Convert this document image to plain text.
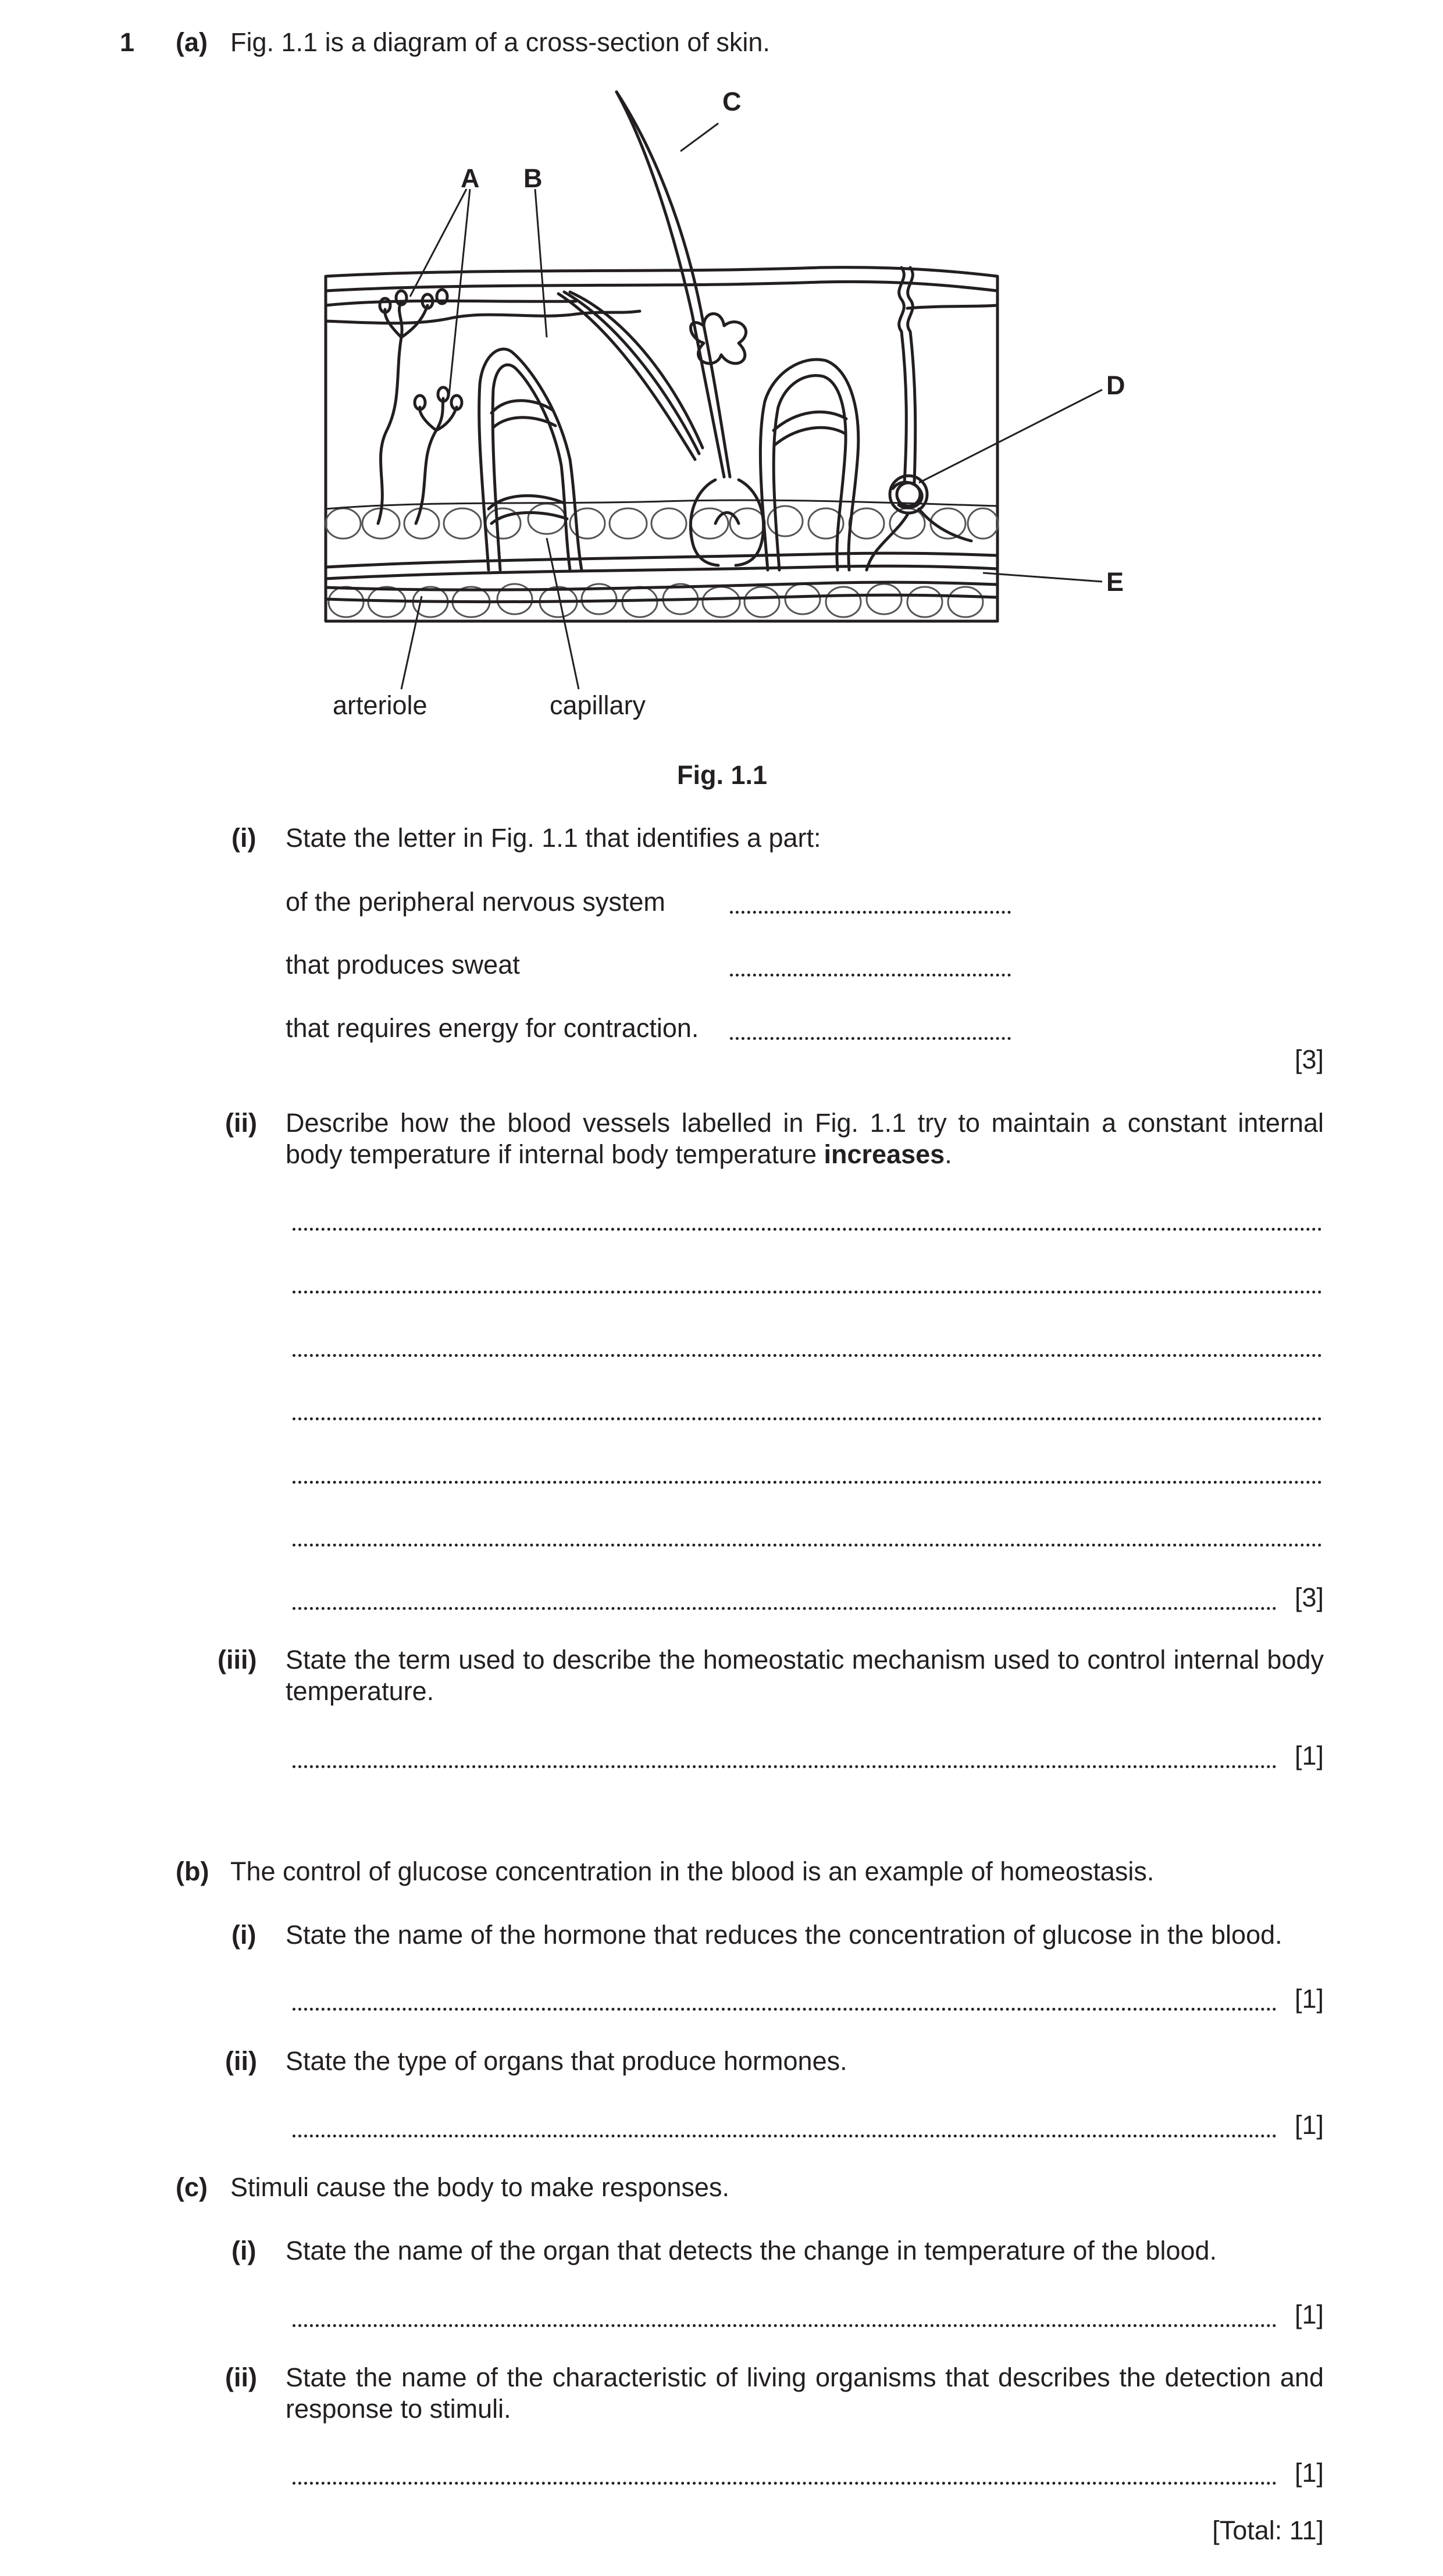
1 (a) Fig. 1.1 is a diagram of a cross-section of skin.
A B
C
D
E
arteriole	capillary
Fig. 1.1
(i) State the letter in Fig. 1.1 that identifies a part:
of the peripheral nervous system
that produces sweat
that requires energy for contraction.
[3]
(ii) Describe how the blood vessels labelled in Fig. 1.1 try to maintain a constant internal body temperature if internal body temperature increases.
[3]
(iii) State the term used to describe the homeostatic mechanism used to control internal body temperature.
[1]
(b) The control of glucose concentration in the blood is an example of homeostasis.
(i) State the name of the hormone that reduces the concentration of glucose in the blood.
[1]
(ii) State the type of organs that produce hormones.
[1]
(c) Stimuli cause the body to make responses.
(i) State the name of the organ that detects the change in temperature of the blood.
[1]
(ii) State the name of the characteristic of living organisms that describes the detection and response to stimuli.
[1]
[Total: 11]
